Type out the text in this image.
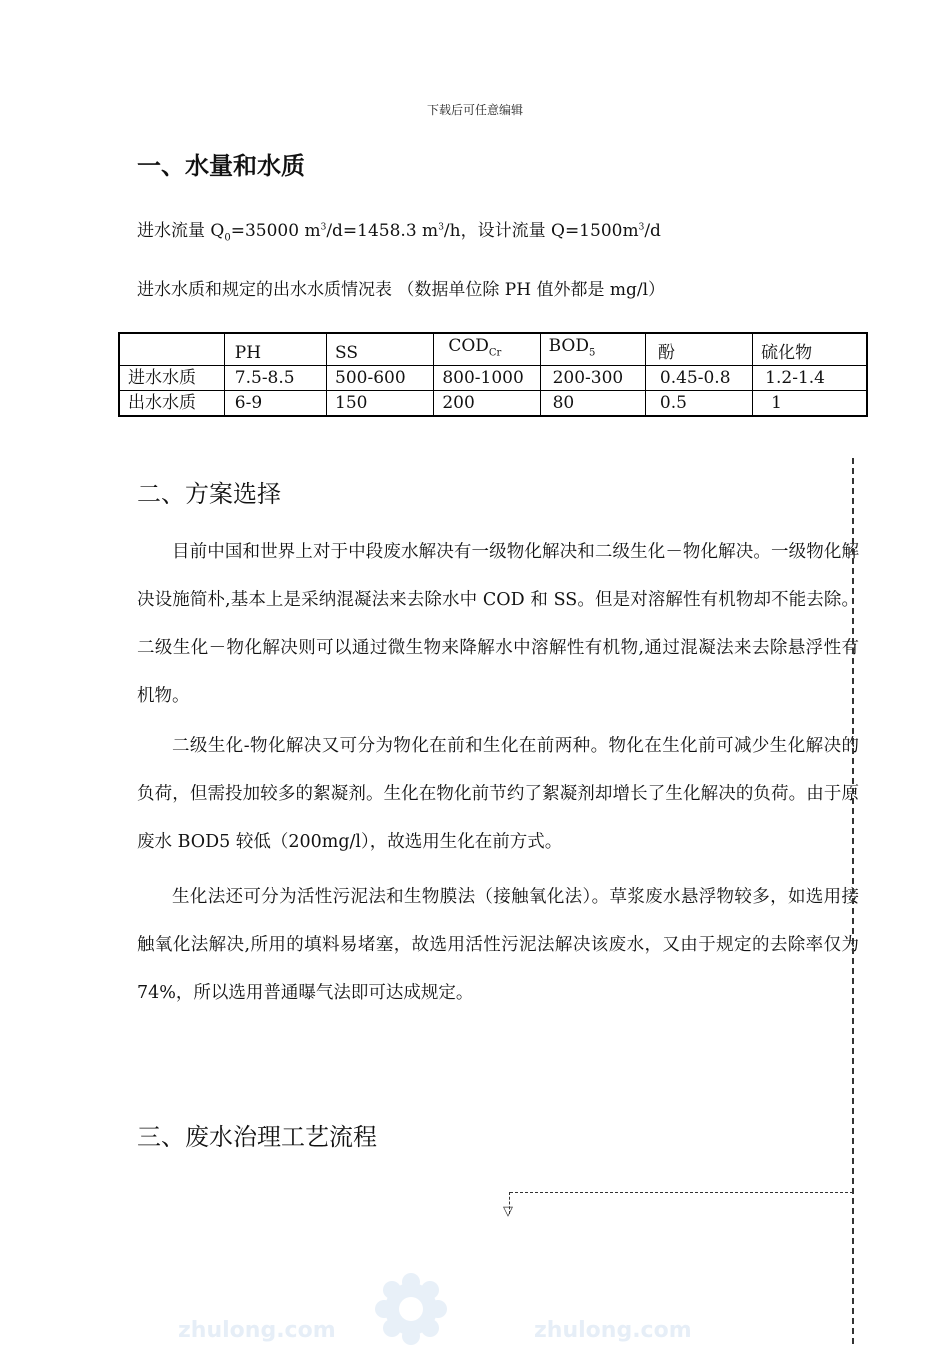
下载后可任意编辑
一、水量和水质
进水流量 $Q_0=35000$ $m^3/d=1458.3$ $m^3/h$，设计流量 $Q=1500m^3/d$
进水水质和规定的出水水质情况表 （数据单位除 PH 值外都是 mg/l）
	PH	SS	$COD_{Cr}$	$BOD_5$	酚	硫化物
进水水质	7.5-8.5	500-600	800-1000	200-300	0.45-0.8	1.2-1.4
出水水质	6-9	150	200	80	0.5	1
二、方案选择
目前中国和世界上对于中段废水解决有一级物化解决和二级生化－物化解决。一级物化解决设施简朴,基本上是采纳混凝法来去除水中 COD 和 SS。但是对溶解性有机物却不能去除。二级生化－物化解决则可以通过微生物来降解水中溶解性有机物,通过混凝法来去除悬浮性有机物。
二级生化-物化解决又可分为物化在前和生化在前两种。物化在生化前可减少生化解决的负荷，但需投加较多的絮凝剂。生化在物化前节约了絮凝剂却增长了生化解决的负荷。由于原废水 BOD5 较低（200mg/l），故选用生化在前方式。
生化法还可分为活性污泥法和生物膜法（接触氧化法）。草浆废水悬浮物较多，如选用接触氧化法解决,所用的填料易堵塞，故选用活性污泥法解决该废水，又由于规定的去除率仅为 74%，所以选用普通曝气法即可达成规定。
三、废水治理工艺流程
▽
zhulong.com	zhulong.com
